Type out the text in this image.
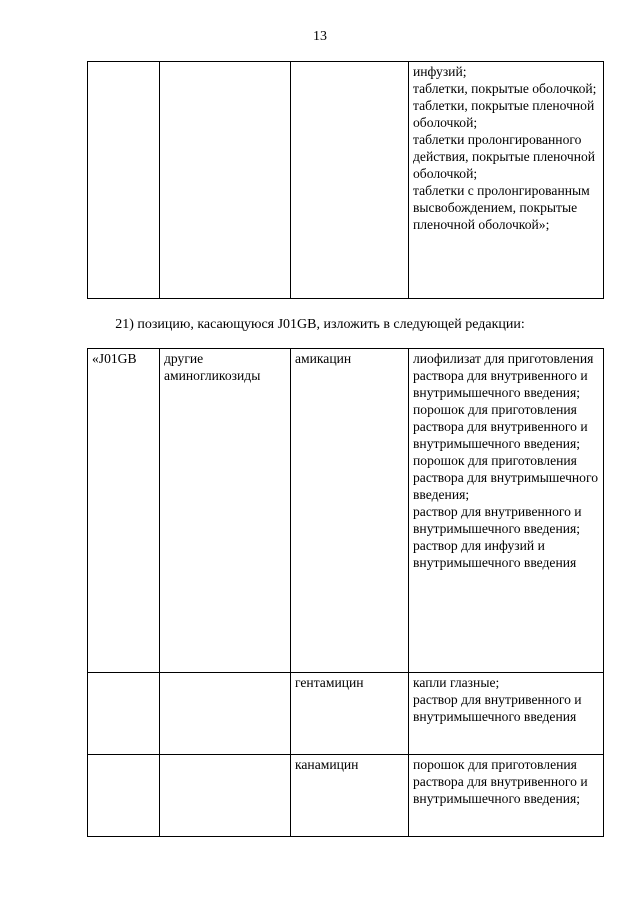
13

инфузий;
таблетки, покрытые оболочкой;
таблетки, покрытые пленочной оболочкой;
таблетки пролонгированного действия, покрытые пленочной оболочкой;
таблетки с пролонгированным высвобождением, покрытые пленочной оболочкой»;
21) позицию, касающуюся J01GB, изложить в следующей редакции:
«J01GB	другие аминогликозиды	амикацин	лиофилизат для приготовления раствора для внутривенного и внутримышечного введения;
порошок для приготовления раствора для внутривенного и внутримышечного введения;
порошок для приготовления раствора для внутримышечного введения;
раствор для внутривенного и внутримышечного введения;
раствор для инфузий и внутримышечного введения

		гентамицин	капли глазные;
раствор для внутривенного и внутримышечного введения

		канамицин	порошок для приготовления раствора для внутривенного и внутримышечного введения;
